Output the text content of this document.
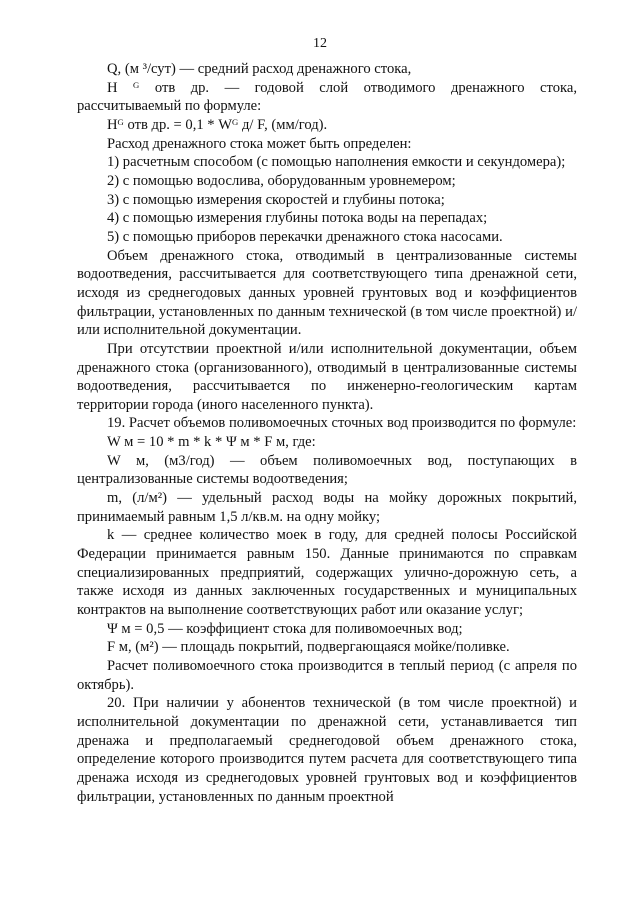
12

Q, (м ³/сут) — средний расход дренажного стока,

Н ᴳ отв др. — годовой слой отводимого дренажного стока, рассчитываемый по формуле:

Нᴳ отв др. = 0,1 * Wᴳ д/ F, (мм/год).

Расход дренажного стока может быть определен:

1) расчетным способом (с помощью наполнения емкости и секундомера);

2) с помощью водослива, оборудованным уровнемером;

3) с помощью измерения скоростей и глубины потока;

4) с помощью измерения глубины потока воды на перепадах;

5) с помощью приборов перекачки дренажного стока насосами.

Объем дренажного стока, отводимый в централизованные системы водоотведения, рассчитывается для соответствующего типа дренажной сети, исходя из среднегодовых данных уровней грунтовых вод и коэффициентов фильтрации, установленных по данным технической (в том числе проектной) и/или исполнительной документации.

При отсутствии проектной и/или исполнительной документации, объем дренажного стока (организованного), отводимый в централизованные системы водоотведения, рассчитывается по инженерно-геологическим картам территории города (иного населенного пункта).

19. Расчет объемов поливомоечных сточных вод производится по формуле:

W м = 10 * m * k * Ψ м * F м, где:

W м, (м3/год) — объем поливомоечных вод, поступающих в централизованные системы водоотведения;

m, (л/м²) — удельный расход воды на мойку дорожных покрытий, принимаемый равным 1,5 л/кв.м. на одну мойку;

k — среднее количество моек в году, для средней полосы Российской Федерации принимается равным 150. Данные принимаются по справкам специализированных предприятий, содержащих улично-дорожную сеть, а также исходя из данных заключенных государственных и муниципальных контрактов на выполнение соответствующих работ или оказание услуг;

Ψ м = 0,5 — коэффициент стока для поливомоечных вод;

F м, (м²) — площадь покрытий, подвергающаяся мойке/поливке.

Расчет поливомоечного стока производится в теплый период (с апреля по октябрь).

20. При наличии у абонентов технической (в том числе проектной) и исполнительной документации по дренажной сети, устанавливается тип дренажа и предполагаемый среднегодовой объем дренажного стока, определение которого производится путем расчета для соответствующего типа дренажа исходя из среднегодовых уровней грунтовых вод и коэффициентов фильтрации, установленных по данным проектной
